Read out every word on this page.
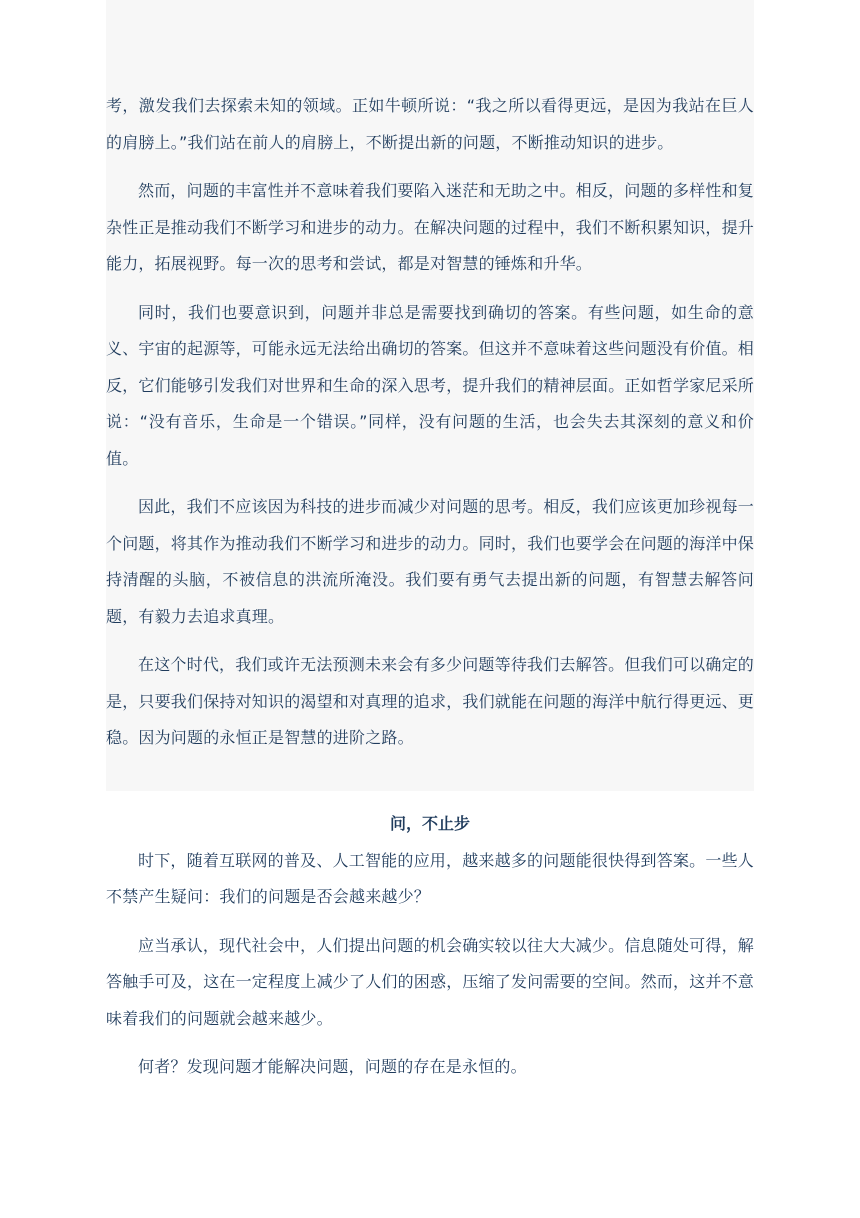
考，激发我们去探索未知的领域。正如牛顿所说：“我之所以看得更远，是因为我站在巨人的肩膀上。”我们站在前人的肩膀上，不断提出新的问题，不断推动知识的进步。

然而，问题的丰富性并不意味着我们要陷入迷茫和无助之中。相反，问题的多样性和复杂性正是推动我们不断学习和进步的动力。在解决问题的过程中，我们不断积累知识，提升能力，拓展视野。每一次的思考和尝试，都是对智慧的锤炼和升华。

同时，我们也要意识到，问题并非总是需要找到确切的答案。有些问题，如生命的意义、宇宙的起源等，可能永远无法给出确切的答案。但这并不意味着这些问题没有价值。相反，它们能够引发我们对世界和生命的深入思考，提升我们的精神层面。正如哲学家尼采所说：“没有音乐，生命是一个错误。”同样，没有问题的生活，也会失去其深刻的意义和价值。

因此，我们不应该因为科技的进步而减少对问题的思考。相反，我们应该更加珍视每一个问题，将其作为推动我们不断学习和进步的动力。同时，我们也要学会在问题的海洋中保持清醒的头脑，不被信息的洪流所淹没。我们要有勇气去提出新的问题，有智慧去解答问题，有毅力去追求真理。

在这个时代，我们或许无法预测未来会有多少问题等待我们去解答。但我们可以确定的是，只要我们保持对知识的渴望和对真理的追求，我们就能在问题的海洋中航行得更远、更稳。因为问题的永恒正是智慧的进阶之路。

问，不止步

时下，随着互联网的普及、人工智能的应用，越来越多的问题能很快得到答案。一些人不禁产生疑问：我们的问题是否会越来越少？

应当承认，现代社会中，人们提出问题的机会确实较以往大大减少。信息随处可得，解答触手可及，这在一定程度上减少了人们的困惑，压缩了发问需要的空间。然而，这并不意味着我们的问题就会越来越少。

何者？发现问题才能解决问题，问题的存在是永恒的。
